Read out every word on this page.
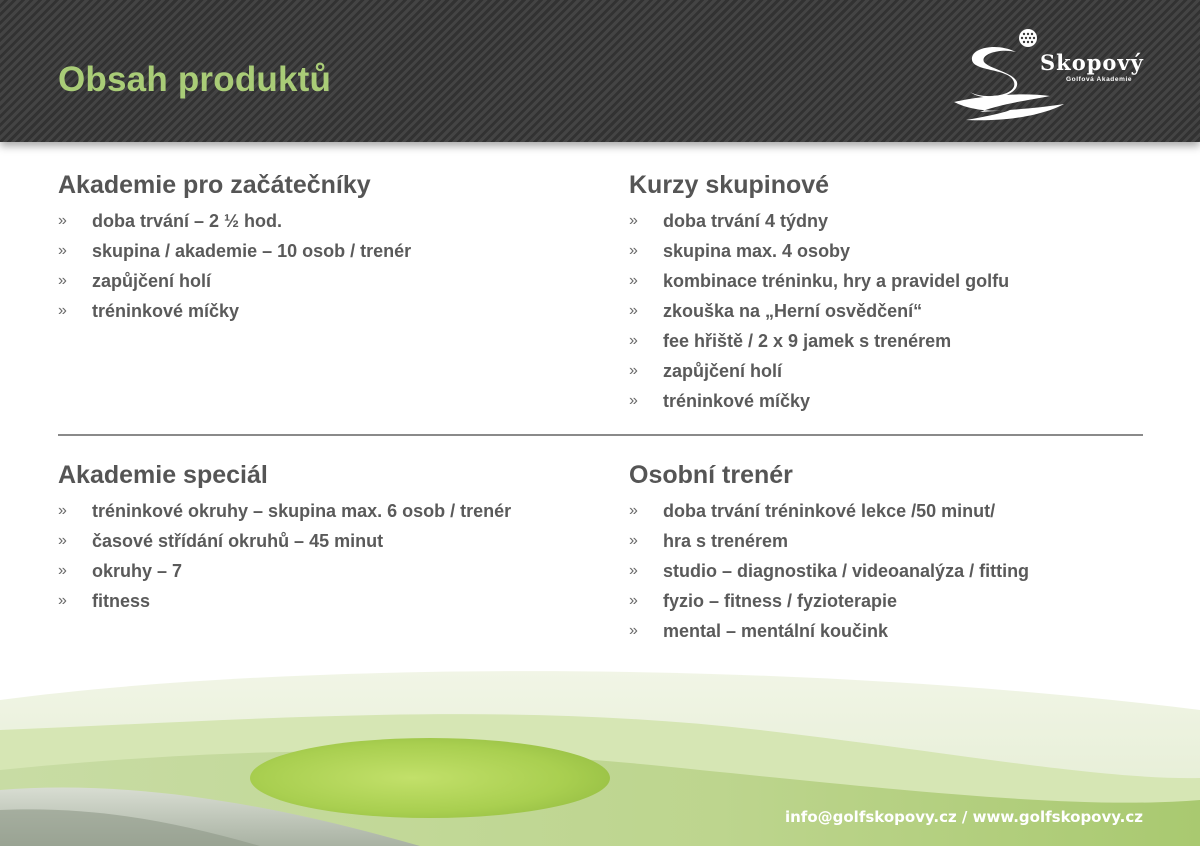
Obsah produktů	Skopový
Golfová Akademie
Akademie pro začátečníky
» doba trvání – 2 ½ hod.
» skupina / akademie – 10 osob / trenér
» zapůjčení holí
» tréninkové míčky
Kurzy skupinové
» doba trvání 4 týdny
» skupina max. 4 osoby
» kombinace tréninku, hry a pravidel golfu
» zkouška na „Herní osvědčení“
» fee hřiště / 2 x 9 jamek s trenérem
» zapůjčení holí
» tréninkové míčky
Akademie speciál
» tréninkové okruhy – skupina max. 6 osob / trenér
» časové střídání okruhů – 45 minut
» okruhy – 7
» fitness
Osobní trenér
» doba trvání tréninkové lekce /50 minut/
» hra s trenérem
» studio – diagnostika / videoanalýza / fitting
» fyzio – fitness / fyzioterapie
» mental – mentální koučink
info@golfskopovy.cz / www.golfskopovy.cz
